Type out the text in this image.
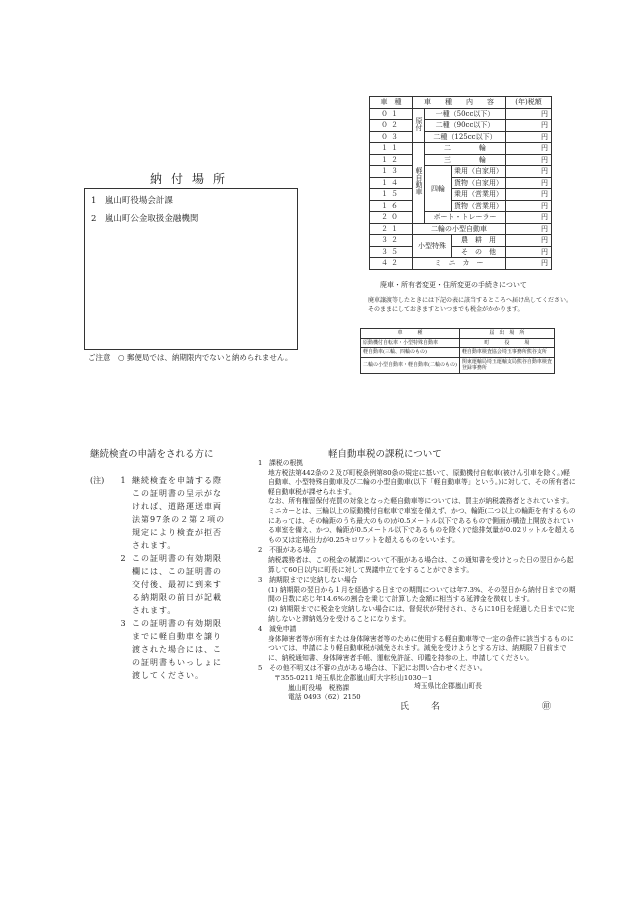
納付場所
1　嵐山町役場会計課
2　嵐山町公金取扱金融機関
ご注意　○ 郵便局では、納期限内でないと納められません。
車　種	車　　種　　内　　容			(年)税額
０１	原付	一種（50cc以下）		円
０２		二種（90cc以下）		円
０３		二種（125cc以下）		円
１１	軽自動車	二　　　　輪		円
１２		三　　　　輪		円
１３		四輪	乗用（自家用）	円
１４			貨物（自家用）	円
１５			乗用（営業用）	円
１６			貨物（営業用）	円
２０		ボート・トレーラー		円
２１	二輪の小型自動車			円
３２	小型特殊		農　耕　用	円
３５			そ　の　他	円
４２	ミ　ニ　カ　ー			円
廃車・所有者変更・住所変更の手続きについて
廃車譲渡等したときには下記の表に該当するところへ届け出してください。そのままにしておきますといつまでも税金がかかります。
車　　　種	届　出　場　所
原動機付自転車・小型特殊自動車	町　　　役　　　場
軽自動車(三輪、四輪のもの)	軽自動車検査協会埼玉事務所熊谷支所
二輪の小型自動車・軽自動車(二輪のもの)	関東運輸局埼玉運輸支局熊谷自動車検査登録事務所
継続検査の申請をされる方に	軽自動車税の課税について
(注)	1 継続検査を申請する際この証明書の呈示がなければ、道路運送車両法第97条の２第２項の規定により検査が拒否されます。
2 この証明書の有効期限欄には、この証明書の交付後、最初に到来する納期限の前日が記載されます。
3 この証明書の有効期限までに軽自動車を譲り渡された場合には、この証明書もいっしょに渡してください。
1　課税の根拠

地方税法第442条の２及び町税条例第80条の規定に基いて、原動機付自転車(被けん引車を除く。)軽自動車、小型特殊自動車及び二輪の小型自動車(以下「軽自動車等」という。)に対して、その所有者に軽自動車税が課せられます。

なお、所有権留保付売買の対象となった軽自動車等については、買主が納税義務者とされています。

ミニカーとは、三輪以上の原動機付自転車で車室を備えず、かつ、輪距(二つ以上の輪距を有するものにあっては、その輪距のうち最大のもの)が0.5メートル以下であるもので側面が構造上開放されている車室を備え、かつ、輪距が0.5メートル以下であるものを除く)で総排気量が0.02リットルを超えるもの又は定格出力が0.25キロワットを超えるものをいいます。

2　不服がある場合

納税義務者は、この税金の賦課について不服がある場合は、この通知書を受けとった日の翌日から起算して60日以内に町長に対して異議申立てをすることができます。

3　納期限までに完納しない場合

(1) 納期限の翌日から１月を経過する日までの期間については年7.3%、その翌日から納付日までの期間の日数に応じ年14.6%の割合を乗じて計算した金額に相当する延滞金を徴収します。

(2) 納期限までに税金を完納しない場合には、督促状が発付され、さらに10日を経過した日までに完納しないと滞納処分を受けることになります。

4　減免申請

身体障害者等が所有または身体障害者等のために使用する軽自動車等で一定の条件に該当するものについては、申請により軽自動車税が減免されます。減免を受けようとする方は、納期限７日前までに、納税通知書、身体障害者手帳、運転免許証、印鑑を持参の上、申請してください。

5　その他不明又は不審の点がある場合は、下記にお問い合わせください。
〒355-0211 埼玉県比企郡嵐山町大字杉山1030－1
嵐山町役場　税務課
電話 0493（62）2150
埼玉県比企郡嵐山町長
氏名	㊞
